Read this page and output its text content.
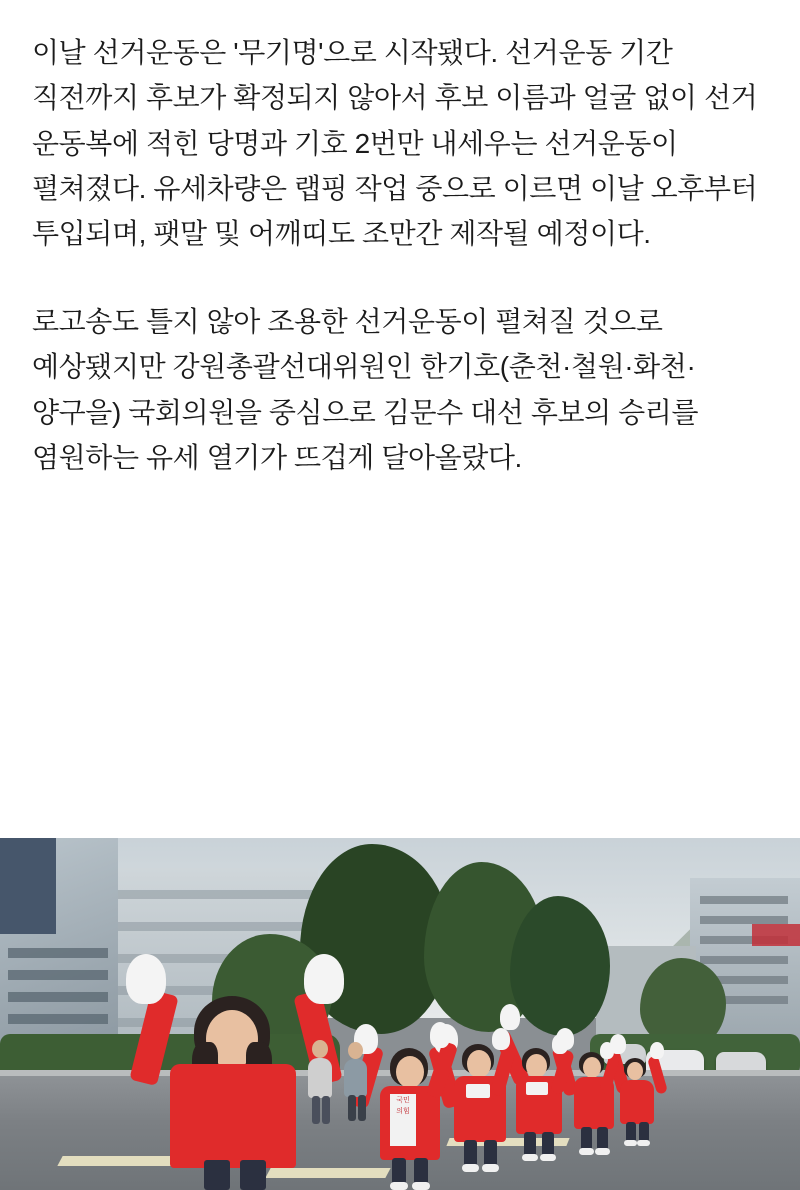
이날 선거운동은 '무기명'으로 시작됐다. 선거운동 기간 직전까지 후보가 확정되지 않아서 후보 이름과 얼굴 없이 선거 운동복에 적힌 당명과 기호 2번만 내세우는 선거운동이 펼쳐졌다. 유세차량은 랩핑 작업 중으로 이르면 이날 오후부터 투입되며, 팻말 및 어깨띠도 조만간 제작될 예정이다.

로고송도 틀지 않아 조용한 선거운동이 펼쳐질 것으로 예상됐지만 강원총괄선대위원인 한기호(춘천·철원·화천·양구을) 국회의원을 중심으로 김문수 대선 후보의 승리를 염원하는 유세 열기가 뜨겁게 달아올랐다.

국민
의힘
